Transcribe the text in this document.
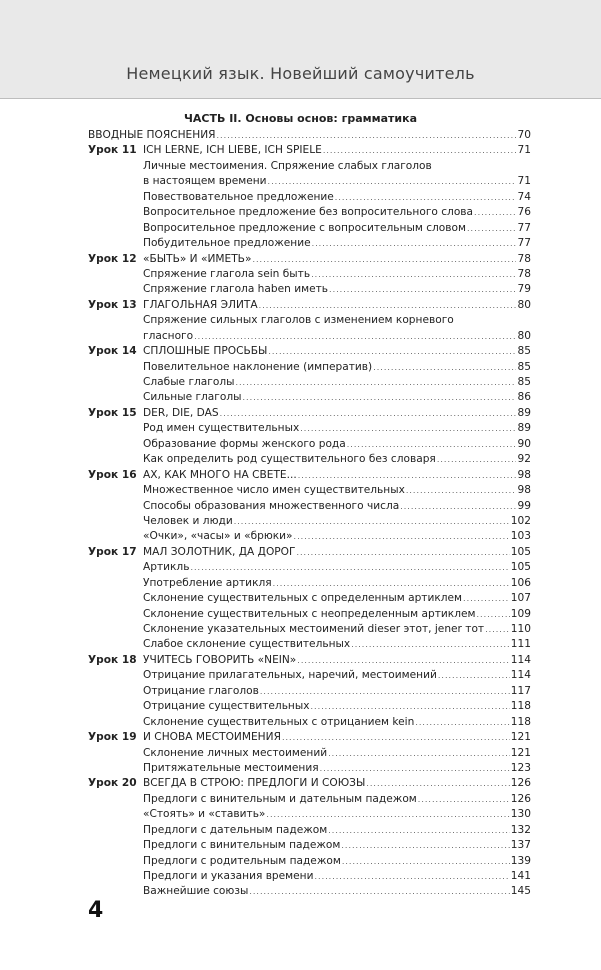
Немецкий язык. Новейший самоучитель
ЧАСТЬ II. Основы основ: грамматика
ВВОДНЫЕ ПОЯСНЕНИЯ .....	70
Урок 11 ICH LERNE, ICH LIEBE, ICH SPIELE .....	71
Личные местоимения. Спряжение слабых глаголов
в настоящем времени .....	71
Повествовательное предложение .....	74
Вопросительное предложение без вопросительного слова .....	76
Вопросительное предложение с вопросительным словом .....	77
Побудительное предложение .....	77
Урок 12 «БЫТЬ» И «ИМЕТЬ» .....	78
Спряжение глагола sein быть .....	78
Спряжение глагола haben иметь .....	79
Урок 13 ГЛАГОЛЬНАЯ ЭЛИТА .....	80
Спряжение сильных глаголов с изменением корневого
гласного .....	80
Урок 14 СПЛОШНЫЕ ПРОСЬБЫ .....	85
Повелительное наклонение (императив) .....	85
Слабые глаголы .....	85
Сильные глаголы .....	86
Урок 15 DER, DIE, DAS .....	89
Род имен существительных .....	89
Образование формы женского рода .....	90
Как определить род существительного без словаря .....	92
Урок 16 АХ, КАК МНОГО НА СВЕТЕ... .....	98
Множественное число имен существительных .....	98
Способы образования множественного числа .....	99
Человек и люди .....	102
«Очки», «часы» и «брюки» .....	103
Урок 17 МАЛ ЗОЛОТНИК, ДА ДОРОГ .....	105
Артикль .....	105
Употребление артикля .....	106
Склонение существительных с определенным артиклем .....	107
Склонение существительных с неопределенным артиклем .....	109
Склонение указательных местоимений dieser этот, jener тот .....	110
Слабое склонение существительных .....	111
Урок 18 УЧИТЕСЬ ГОВОРИТЬ «NEIN» .....	114
Отрицание прилагательных, наречий, местоимений .....	114
Отрицание глаголов .....	117
Отрицание существительных .....	118
Склонение существительных с отрицанием kein .....	118
Урок 19 И СНОВА МЕСТОИМЕНИЯ .....	121
Склонение личных местоимений .....	121
Притяжательные местоимения .....	123
Урок 20 ВСЕГДА В СТРОЮ: ПРЕДЛОГИ И СОЮЗЫ .....	126
Предлоги с винительным и дательным падежом .....	126
«Стоять» и «ставить» .....	130
Предлоги с дательным падежом .....	132
Предлоги с винительным падежом .....	137
Предлоги с родительным падежом .....	139
Предлоги и указания времени .....	141
Важнейшие союзы .....	145
4
